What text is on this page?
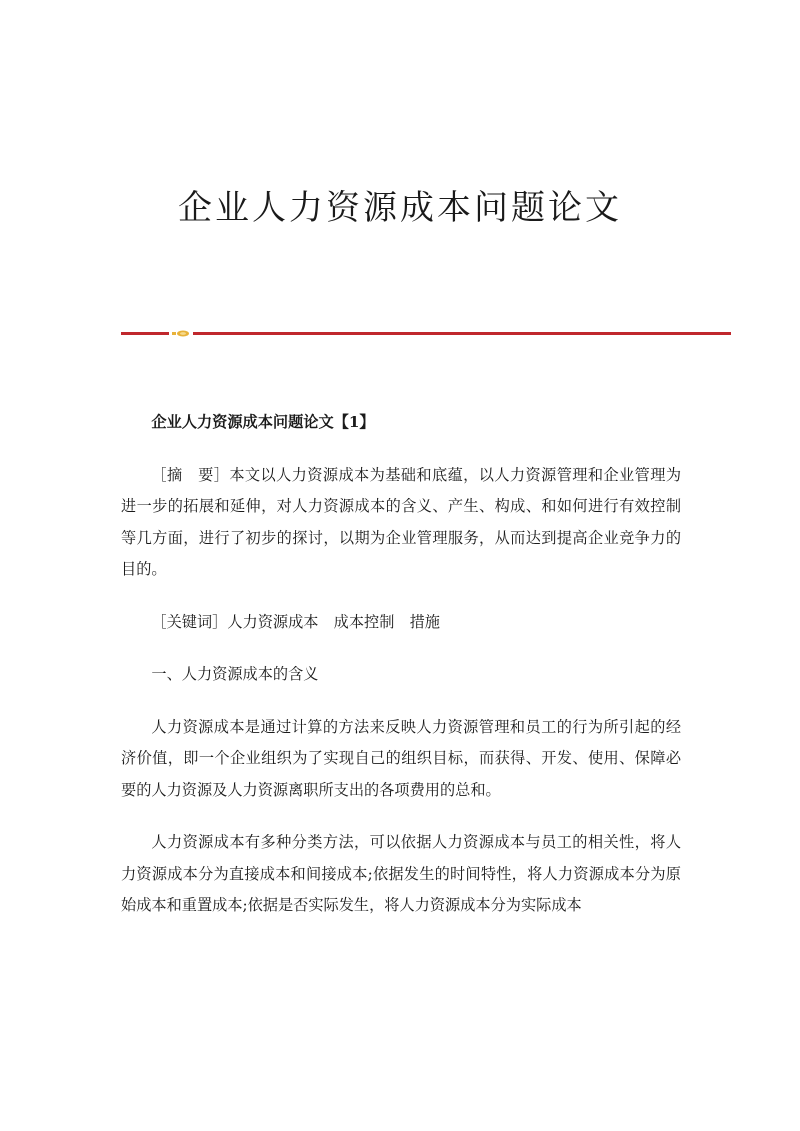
企业人力资源成本问题论文

企业人力资源成本问题论文【1】

［摘　要］本文以人力资源成本为基础和底蕴，以人力资源管理和企业管理为进一步的拓展和延伸，对人力资源成本的含义、产生、构成、和如何进行有效控制等几方面，进行了初步的探讨，以期为企业管理服务，从而达到提高企业竞争力的目的。

［关键词］人力资源成本　成本控制　措施

一、人力资源成本的含义

人力资源成本是通过计算的方法来反映人力资源管理和员工的行为所引起的经济价值，即一个企业组织为了实现自己的组织目标，而获得、开发、使用、保障必要的人力资源及人力资源离职所支出的各项费用的总和。

人力资源成本有多种分类方法，可以依据人力资源成本与员工的相关性，将人力资源成本分为直接成本和间接成本;依据发生的时间特性，将人力资源成本分为原始成本和重置成本;依据是否实际发生，将人力资源成本分为实际成本
